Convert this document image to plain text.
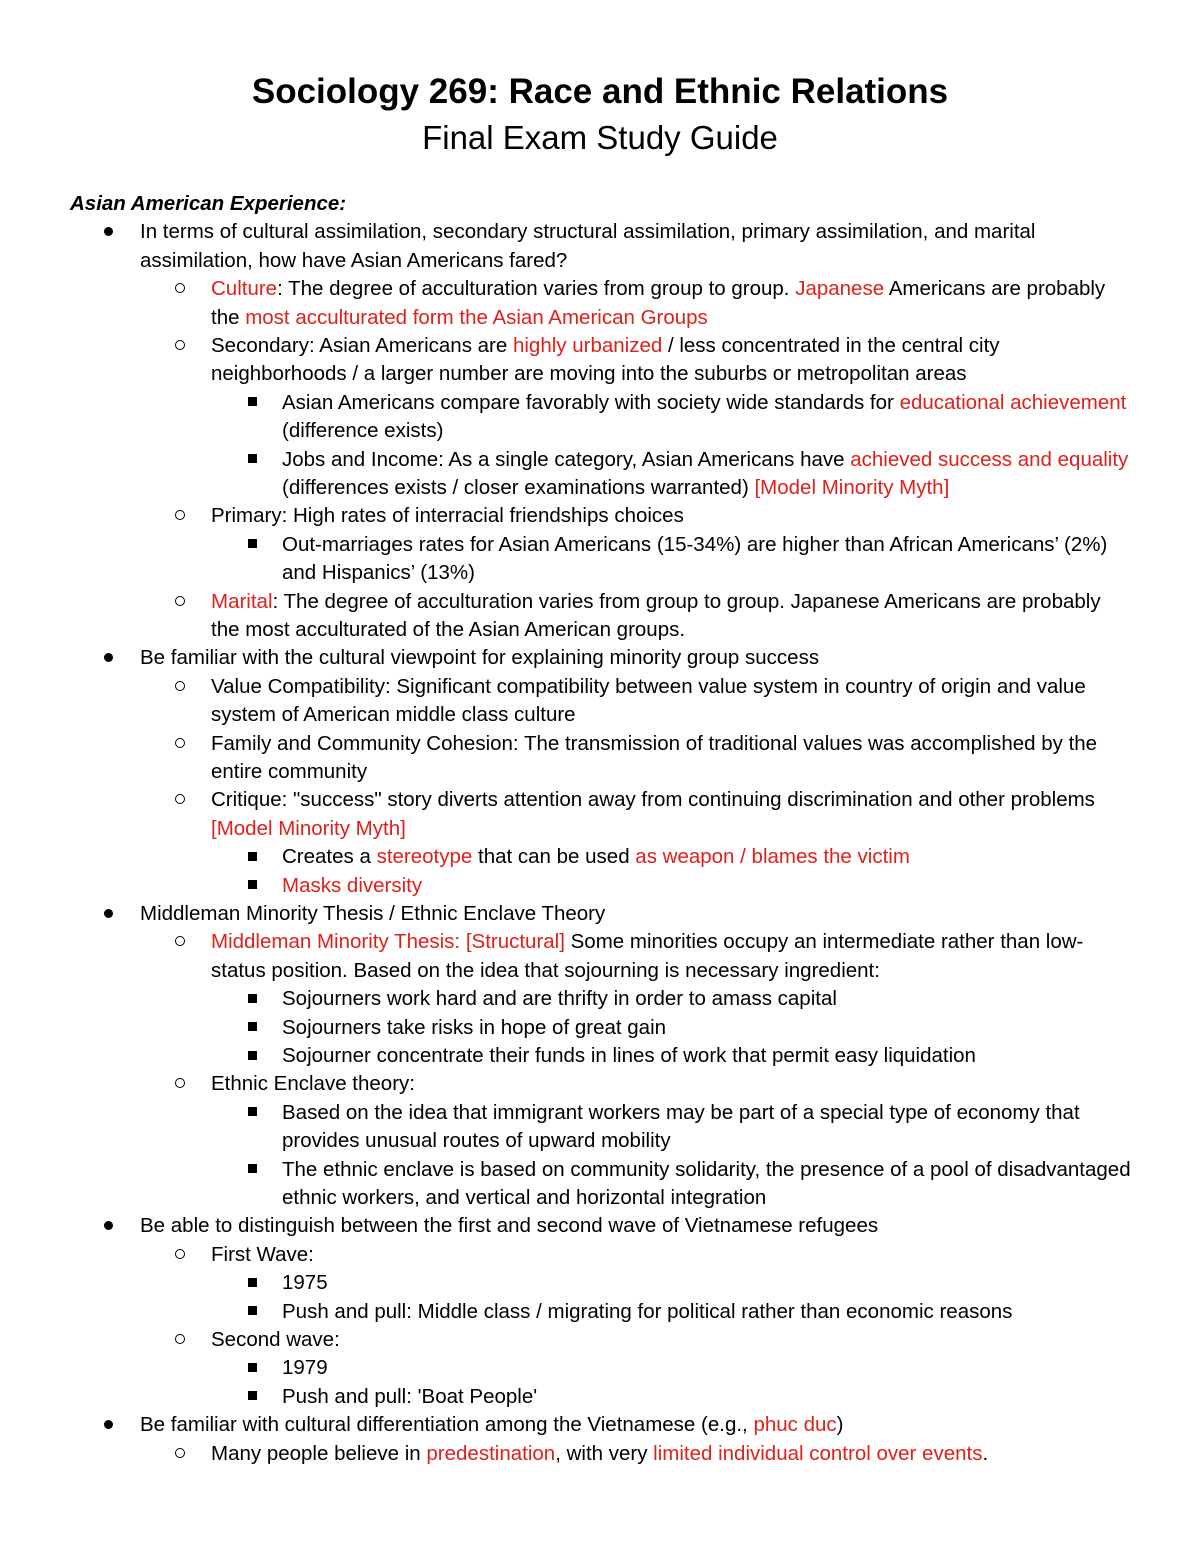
Sociology 269: Race and Ethnic Relations
Final Exam Study Guide
Asian American Experience:
In terms of cultural assimilation, secondary structural assimilation, primary assimilation, and marital assimilation, how have Asian Americans fared?
Culture: The degree of acculturation varies from group to group. Japanese Americans are probably the most acculturated form the Asian American Groups
Secondary: Asian Americans are highly urbanized / less concentrated in the central city neighborhoods / a larger number are moving into the suburbs or metropolitan areas
Asian Americans compare favorably with society wide standards for educational achievement (difference exists)
Jobs and Income: As a single category, Asian Americans have achieved success and equality (differences exists / closer examinations warranted) [Model Minority Myth]
Primary: High rates of interracial friendships choices
Out-marriages rates for Asian Americans (15-34%) are higher than African Americans’ (2%) and Hispanics’ (13%)
Marital: The degree of acculturation varies from group to group. Japanese Americans are probably the most acculturated of the Asian American groups.
Be familiar with the cultural viewpoint for explaining minority group success
Value Compatibility: Significant compatibility between value system in country of origin and value system of American middle class culture
Family and Community Cohesion: The transmission of traditional values was accomplished by the entire community
Critique: "success" story diverts attention away from continuing discrimination and other problems [Model Minority Myth]
Creates a stereotype that can be used as weapon / blames the victim
Masks diversity
Middleman Minority Thesis / Ethnic Enclave Theory
Middleman Minority Thesis: [Structural] Some minorities occupy an intermediate rather than low-status position. Based on the idea that sojourning is necessary ingredient:
Sojourners work hard and are thrifty in order to amass capital
Sojourners take risks in hope of great gain
Sojourner concentrate their funds in lines of work that permit easy liquidation
Ethnic Enclave theory:
Based on the idea that immigrant workers may be part of a special type of economy that provides unusual routes of upward mobility
The ethnic enclave is based on community solidarity, the presence of a pool of disadvantaged ethnic workers, and vertical and horizontal integration
Be able to distinguish between the first and second wave of Vietnamese refugees
First Wave:
1975
Push and pull: Middle class / migrating for political rather than economic reasons
Second wave:
1979
Push and pull: 'Boat People'
Be familiar with cultural differentiation among the Vietnamese (e.g., phuc duc)
Many people believe in predestination, with very limited individual control over events.
